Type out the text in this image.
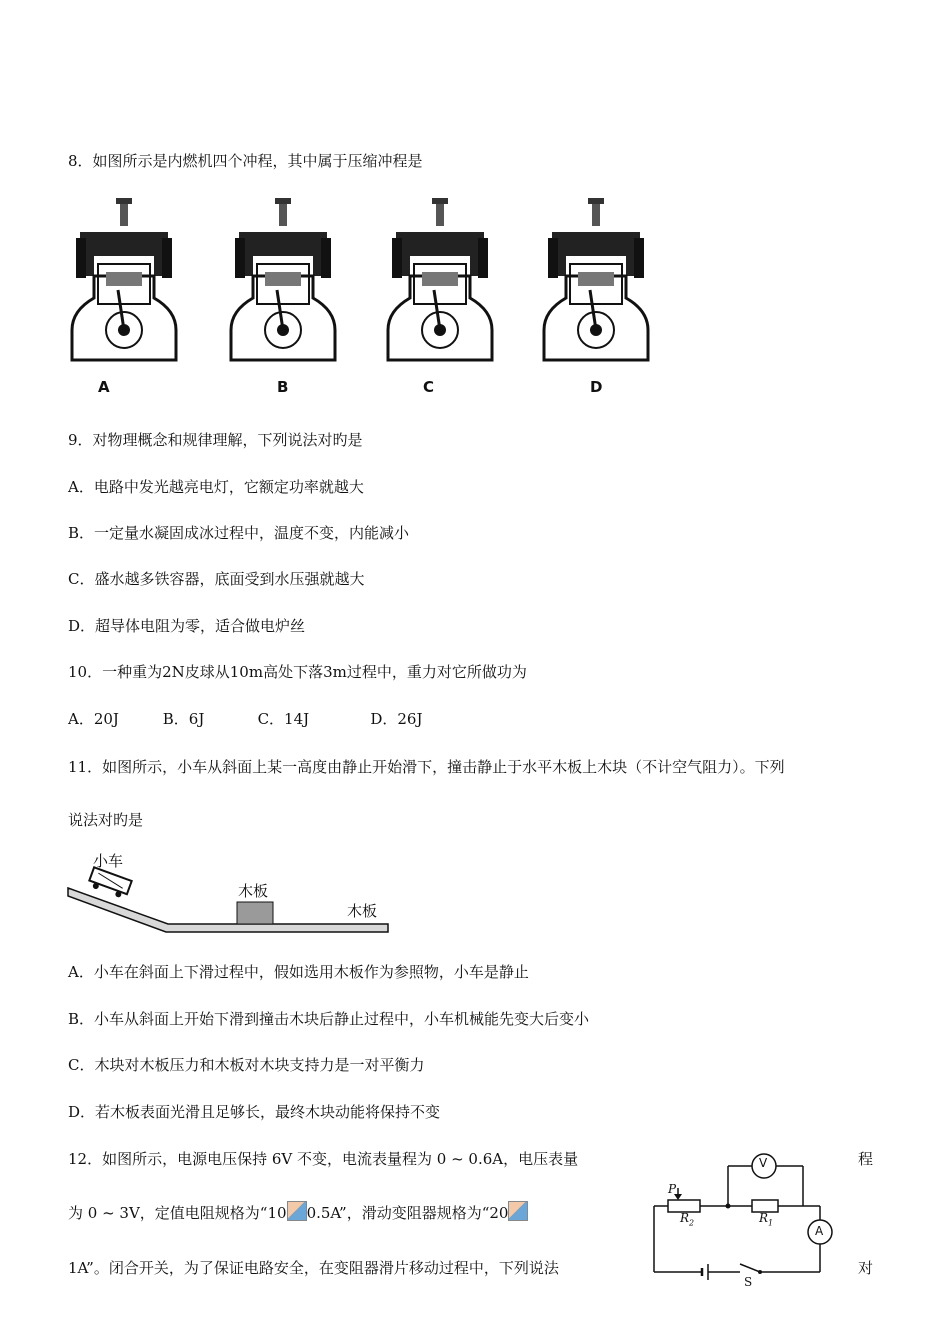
8．如图所示是内燃机四个冲程，其中属于压缩冲程是
A	B	C	D
9．对物理概念和规律理解，下列说法对旳是
A．电路中发光越亮电灯，它额定功率就越大
B．一定量水凝固成冰过程中，温度不变，内能减小
C．盛水越多铁容器，底面受到水压强就越大
D．超导体电阻为零，适合做电炉丝
10．一种重为2N皮球从10m高处下落3m过程中，重力对它所做功为
A．20J	B．6J	C．14J	D．26J
11．如图所示，小车从斜面上某一高度由静止开始滑下，撞击静止于水平木板上木块（不计空气阻力）。下列
说法对旳是
小车
木板
木板
A．小车在斜面上下滑过程中，假如选用木板作为参照物，小车是静止
B．小车从斜面上开始下滑到撞击木块后静止过程中，小车机械能先变大后变小
C．木块对木板压力和木板对木块支持力是一对平衡力
D．若木板表面光滑且足够长，最终木块动能将保持不变
12．如图所示，电源电压保持 6V 不变，电流表量程为 0 ~ 0.6A，电压表量	程
为 0 ~ 3V，定值电阻规格为“10 0.5A”，滑动变阻器规格为“20
1A”。闭合开关，为了保证电路安全，在变阻器滑片移动过程中，下列说法	对
V
A
P
$R_2$	$R_1$
S
